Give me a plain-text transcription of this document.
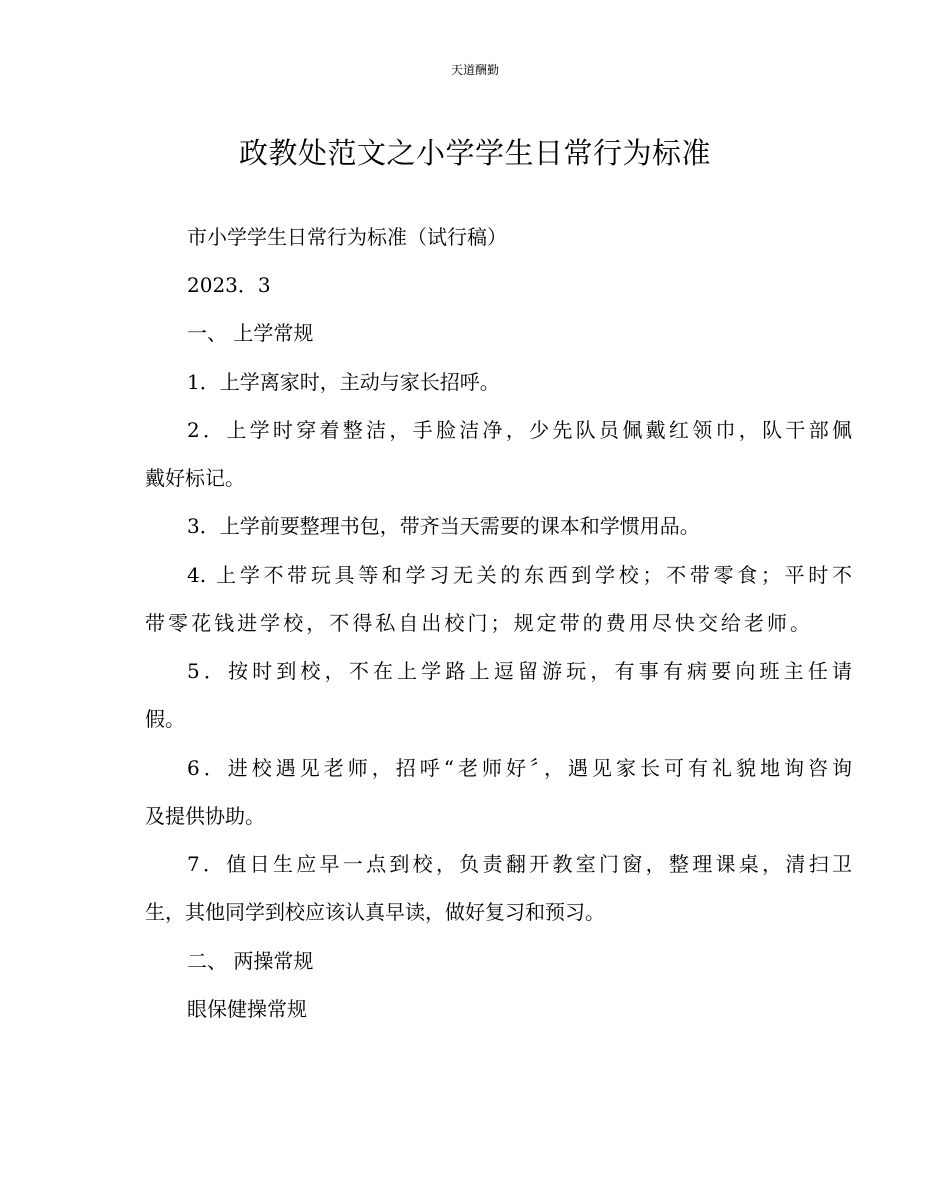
天道酬勤
政教处范文之小学学生日常行为标准
市小学学生日常行为标准（试行稿）
2023．3
一、 上学常规
1．上学离家时，主动与家长招呼。
2．上学时穿着整洁，手脸洁净，少先队员佩戴红领巾，队干部佩
戴好标记。
3．上学前要整理书包，带齐当天需要的课本和学惯用品。
4. 上学不带玩具等和学习无关的东西到学校；不带零食；平时不
带零花钱进学校，不得私自出校门；规定带的费用尽快交给老师。
5．按时到校，不在上学路上逗留游玩，有事有病要向班主任请
假。
6．进校遇见老师，招呼“老师好〞，遇见家长可有礼貌地询咨询
及提供协助。
7．值日生应早一点到校，负责翻开教室门窗，整理课桌，清扫卫
生，其他同学到校应该认真早读，做好复习和预习。
二、 两操常规
眼保健操常规
